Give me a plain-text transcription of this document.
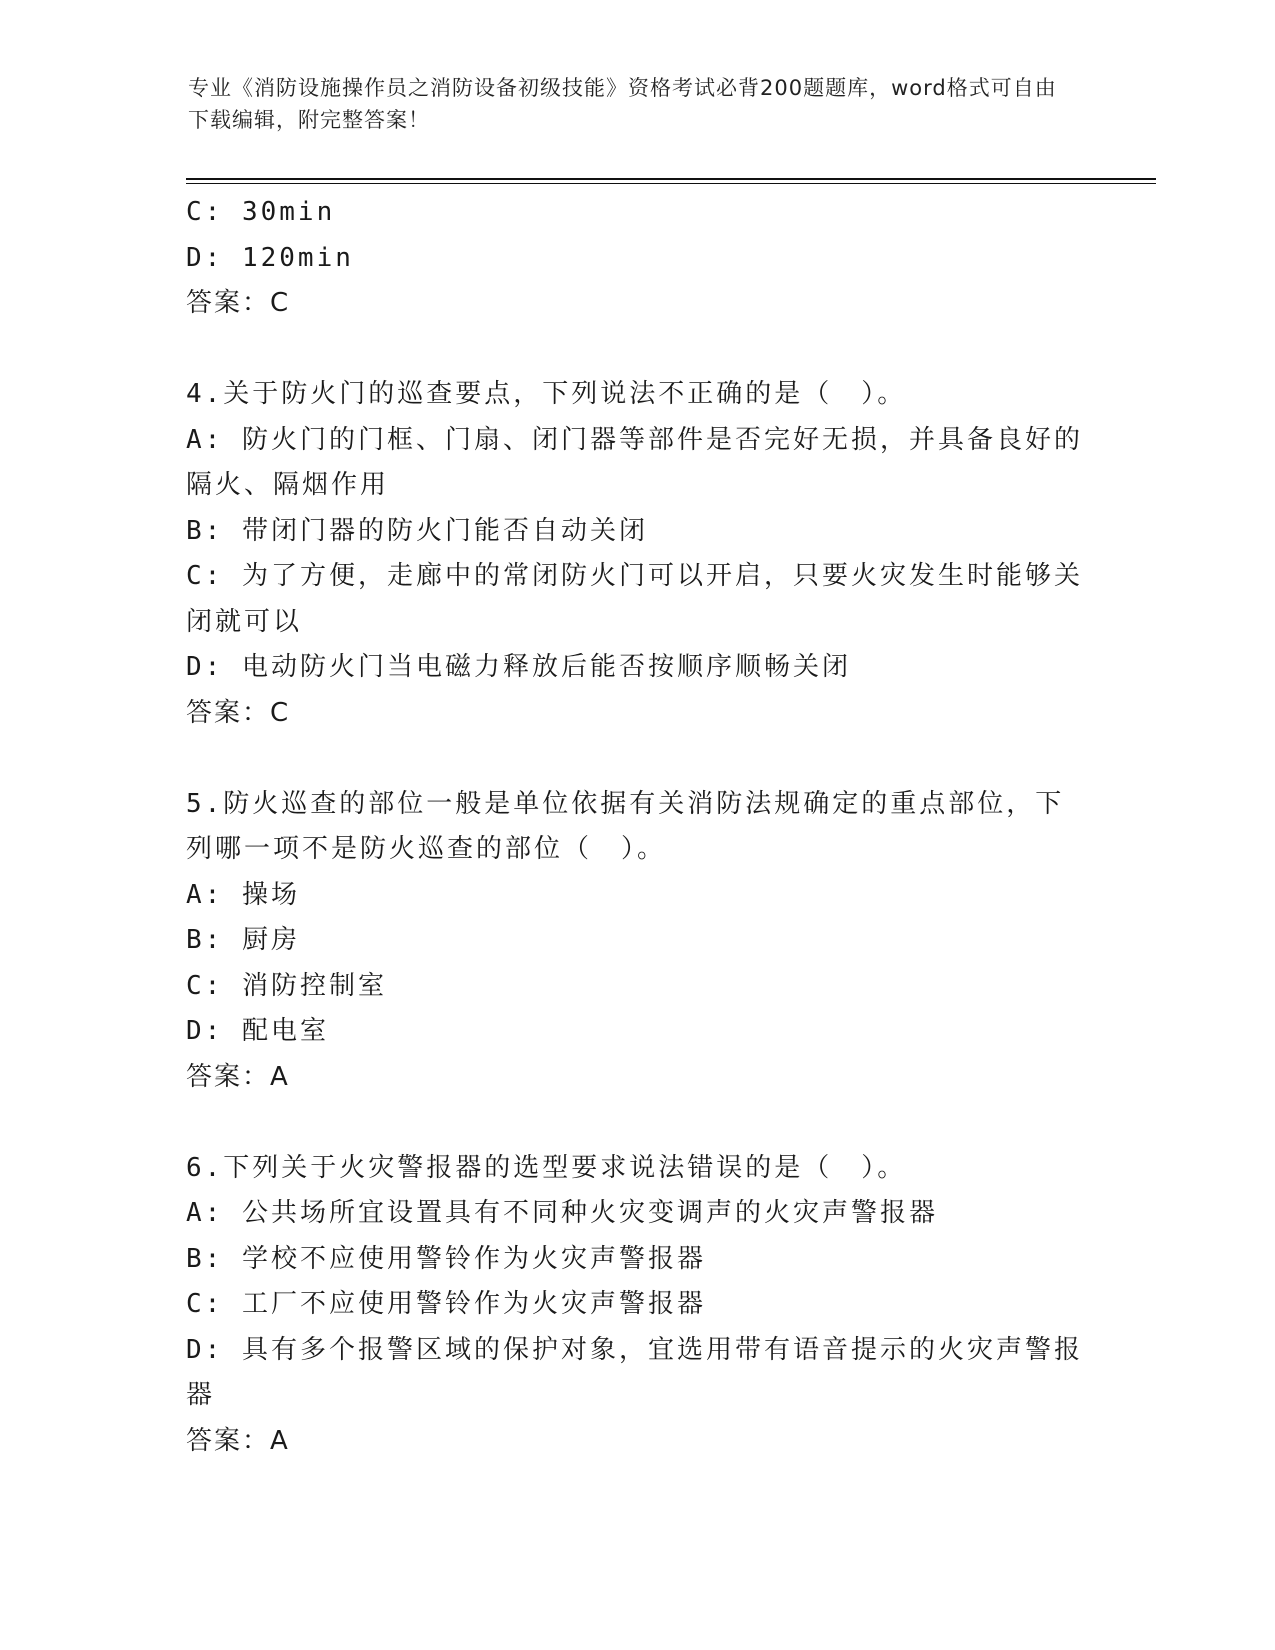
专业《消防设施操作员之消防设备初级技能》资格考试必背200题题库，word格式可自由下载编辑，附完整答案！
C: 30min
D: 120min
答案：C
4.关于防火门的巡查要点，下列说法不正确的是（　）。
A: 防火门的门框、门扇、闭门器等部件是否完好无损，并具备良好的隔火、隔烟作用
B: 带闭门器的防火门能否自动关闭
C: 为了方便，走廊中的常闭防火门可以开启，只要火灾发生时能够关闭就可以
D: 电动防火门当电磁力释放后能否按顺序顺畅关闭
答案：C
5.防火巡查的部位一般是单位依据有关消防法规确定的重点部位，下列哪一项不是防火巡查的部位（　）。
A: 操场
B: 厨房
C: 消防控制室
D: 配电室
答案：A
6.下列关于火灾警报器的选型要求说法错误的是（　）。
A: 公共场所宜设置具有不同种火灾变调声的火灾声警报器
B: 学校不应使用警铃作为火灾声警报器
C: 工厂不应使用警铃作为火灾声警报器
D: 具有多个报警区域的保护对象，宜选用带有语音提示的火灾声警报器
答案：A
